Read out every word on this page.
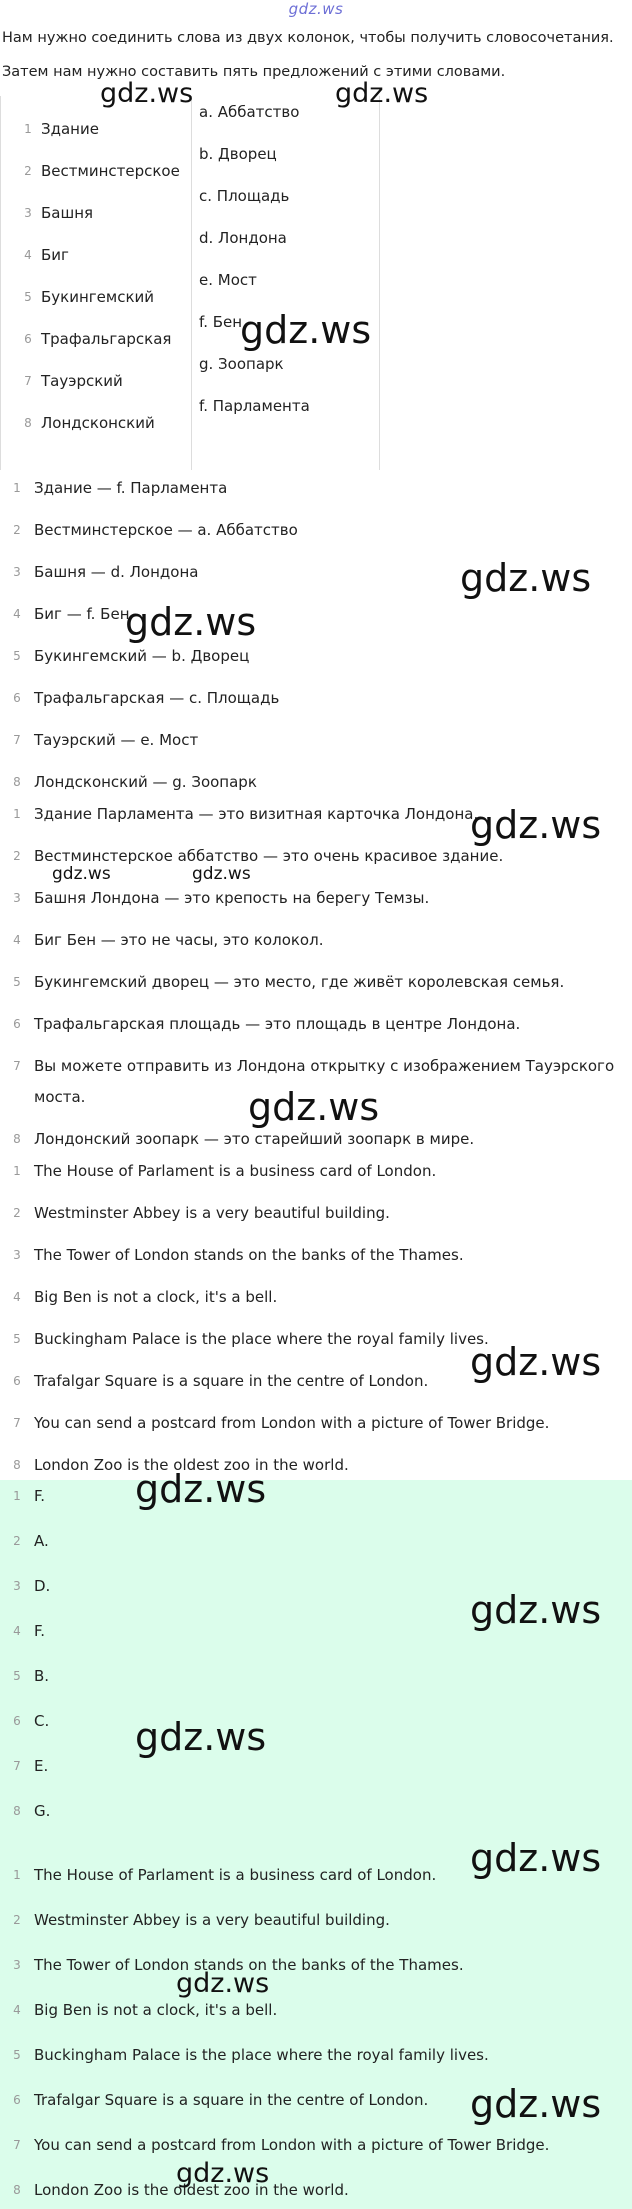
gdz.ws
Нам нужно соединить слова из двух колонок, чтобы получить словосочетания.
Затем нам нужно составить пять предложений с этими словами.
1 Здание
2 Вестминстерское
3 Башня
4 Биг
5 Букингемский
6 Трафальгарская
7 Тауэрский
8 Лондсконский
a. Аббатство
b. Дворец
c. Площадь
d. Лондона
e. Мост
f. Бен
g. Зоопарк
f. Парламента
1 Здание — f. Парламента
2 Вестминстерское — a. Аббатство
3 Башня — d. Лондона
4 Биг — f. Бен
5 Букингемский — b. Дворец
6 Трафальгарская — c. Площадь
7 Тауэрский — e. Мост
8 Лондсконский — g. Зоопарк
1 Здание Парламента — это визитная карточка Лондона.
2 Вестминстерское аббатство — это очень красивое здание.
3 Башня Лондона — это крепость на берегу Темзы.
4 Биг Бен — это не часы, это колокол.
5 Букингемский дворец — это место, где живёт королевская семья.
6 Трафальгарская площадь — это площадь в центре Лондона.
7 Вы можете отправить из Лондона открытку с изображением Тауэрского
моста.
8 Лондонский зоопарк — это старейший зоопарк в мире.
1 The House of Parlament is a business card of London.
2 Westminster Abbey is a very beautiful building.
3 The Tower of London stands on the banks of the Thames.
4 Big Ben is not a clock, it's a bell.
5 Buckingham Palace is the place where the royal family lives.
6 Trafalgar Square is a square in the centre of London.
7 You can send a postcard from London with a picture of Tower Bridge.
8 London Zoo is the oldest zoo in the world.
1 F.
2 A.
3 D.
4 F.
5 B.
6 C.
7 E.
8 G.
1 The House of Parlament is a business card of London.
2 Westminster Abbey is a very beautiful building.
3 The Tower of London stands on the banks of the Thames.
4 Big Ben is not a clock, it's a bell.
5 Buckingham Palace is the place where the royal family lives.
6 Trafalgar Square is a square in the centre of London.
7 You can send a postcard from London with a picture of Tower Bridge.
8 London Zoo is the oldest zoo in the world.
gdz.ws	gdz.ws
gdz.ws
gdz.ws
gdz.ws
gdz.ws
gdz.ws	gdz.ws
gdz.ws
gdz.ws
gdz.ws
gdz.ws
gdz.ws
gdz.ws
gdz.ws
gdz.ws
gdz.ws
